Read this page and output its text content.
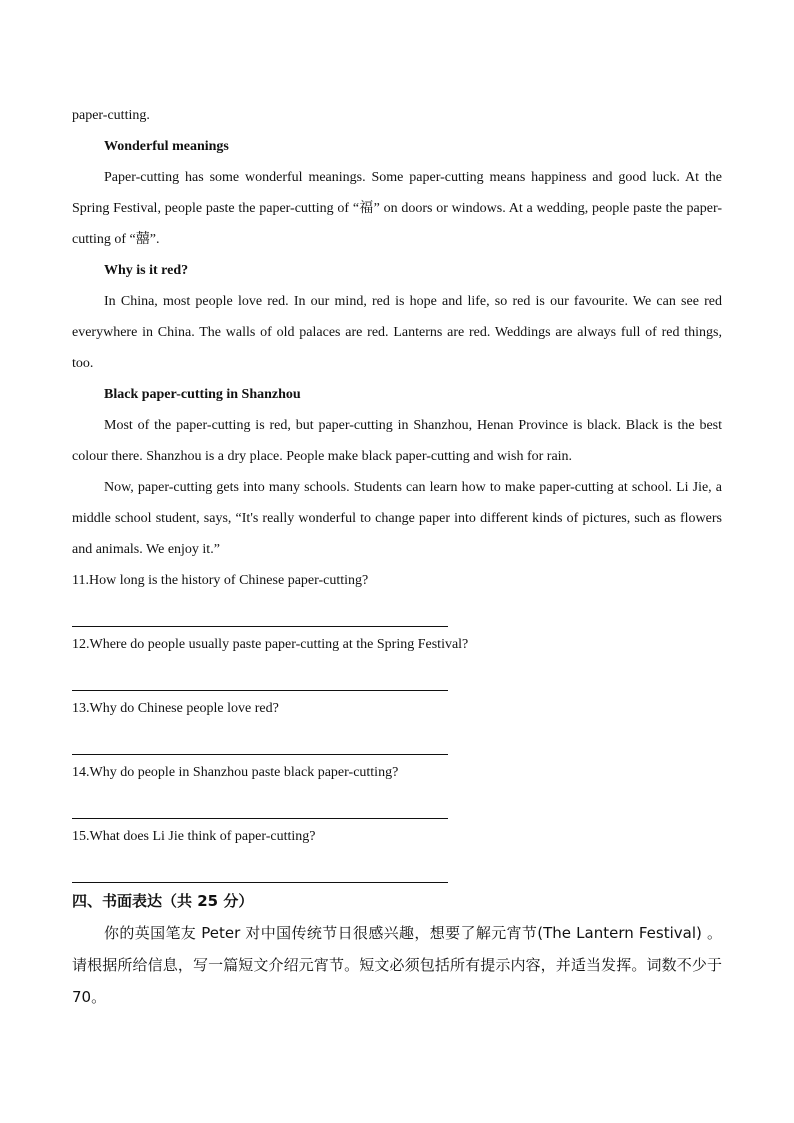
paper-cutting.

Wonderful meanings

Paper-cutting has some wonderful meanings. Some paper-cutting means happiness and good luck. At the Spring Festival, people paste the paper-cutting of “福” on doors or windows. At a wedding, people paste the paper-cutting of “囍”.

Why is it red?

In China, most people love red. In our mind, red is hope and life, so red is our favourite. We can see red everywhere in China. The walls of old palaces are red. Lanterns are red. Weddings are always full of red things, too.

Black paper-cutting in Shanzhou

Most of the paper-cutting is red, but paper-cutting in Shanzhou, Henan Province is black. Black is the best colour there. Shanzhou is a dry place. People make black paper-cutting and wish for rain.

Now, paper-cutting gets into many schools. Students can learn how to make paper-cutting at school. Li Jie, a middle school student, says, “It's really wonderful to change paper into different kinds of pictures, such as flowers and animals. We enjoy it.”

11.How long is the history of Chinese paper-cutting?

12.Where do people usually paste paper-cutting at the Spring Festival?

13.Why do Chinese people love red?

14.Why do people in Shanzhou paste black paper-cutting?

15.What does Li Jie think of paper-cutting?

四、书面表达（共 25 分）

你的英国笔友 Peter 对中国传统节日很感兴趣，想要了解元宵节(The Lantern Festival) 。请根据所给信息，写一篇短文介绍元宵节。短文必须包括所有提示内容，并适当发挥。词数不少于 70。
